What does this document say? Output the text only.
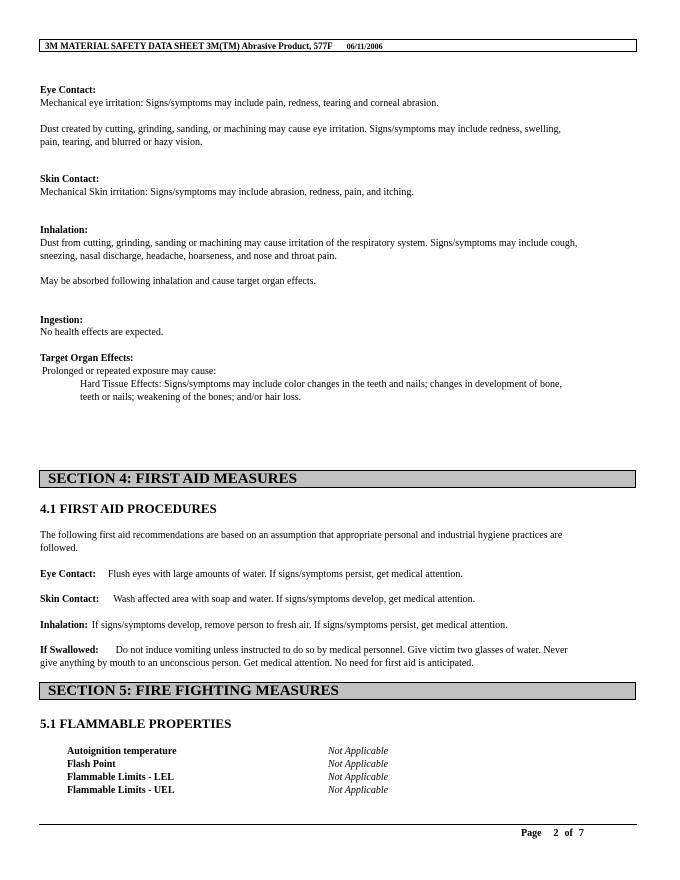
3M MATERIAL SAFETY DATA SHEET 3M(TM) Abrasive Product, 577F 06/11/2006
Eye Contact:
Mechanical eye irritation: Signs/symptoms may include pain, redness, tearing and corneal abrasion.
Dust created by cutting, grinding, sanding, or machining may cause eye irritation. Signs/symptoms may include redness, swelling,
pain, tearing, and blurred or hazy vision.
Skin Contact:
Mechanical Skin irritation: Signs/symptoms may include abrasion, redness, pain, and itching.
Inhalation:
Dust from cutting, grinding, sanding or machining may cause irritation of the respiratory system. Signs/symptoms may include cough,
sneezing, nasal discharge, headache, hoarseness, and nose and throat pain.
May be absorbed following inhalation and cause target organ effects.
Ingestion:
No health effects are expected.
Target Organ Effects:
Prolonged or repeated exposure may cause:
Hard Tissue Effects: Signs/symptoms may include color changes in the teeth and nails; changes in development of bone,
teeth or nails; weakening of the bones; and/or hair loss.
SECTION 4: FIRST AID MEASURES
4.1 FIRST AID PROCEDURES
The following first aid recommendations are based on an assumption that appropriate personal and industrial hygiene practices are
followed.
Eye Contact: Flush eyes with large amounts of water. If signs/symptoms persist, get medical attention.
Skin Contact: Wash affected area with soap and water. If signs/symptoms develop, get medical attention.
Inhalation: If signs/symptoms develop, remove person to fresh air. If signs/symptoms persist, get medical attention.
If Swallowed: Do not induce vomiting unless instructed to do so by medical personnel. Give victim two glasses of water. Never
give anything by mouth to an unconscious person. Get medical attention. No need for first aid is anticipated.
SECTION 5: FIRE FIGHTING MEASURES
5.1 FLAMMABLE PROPERTIES
Autoignition temperature	Not Applicable
Flash Point	Not Applicable
Flammable Limits - LEL	Not Applicable
Flammable Limits - UEL	Not Applicable
Page 2 of 7
